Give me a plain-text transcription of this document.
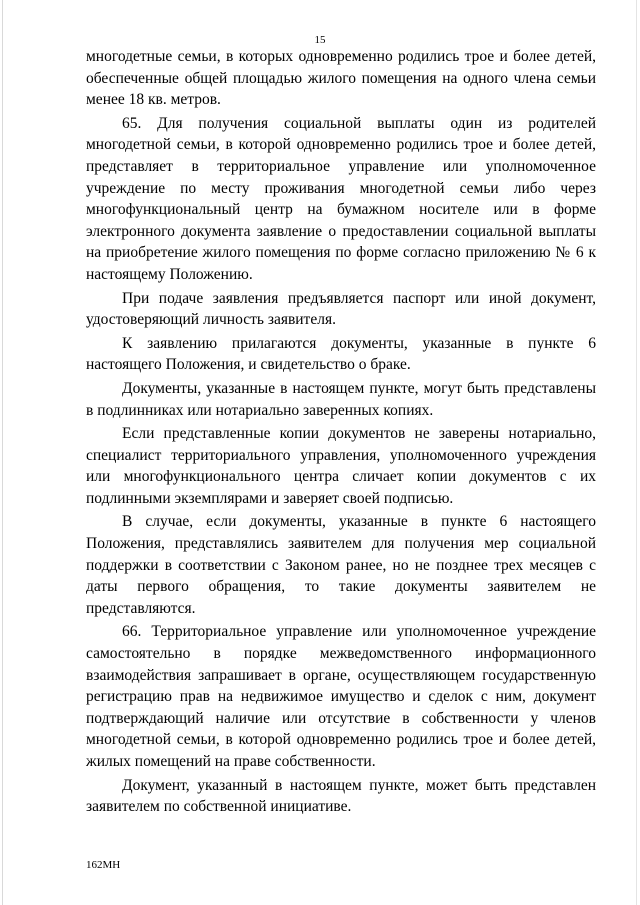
15

многодетные семьи, в которых одновременно родились трое и более детей, обеспеченные общей площадью жилого помещения на одного члена семьи менее 18 кв. метров.

65. Для получения социальной выплаты один из родителей многодетной семьи, в которой одновременно родились трое и более детей, представляет в территориальное управление или уполномоченное учреждение по месту проживания многодетной семьи либо через многофункциональный центр на бумажном носителе или в форме электронного документа заявление о предоставлении социальной выплаты на приобретение жилого помещения по форме согласно приложению № 6 к настоящему Положению.

При подаче заявления предъявляется паспорт или иной документ, удостоверяющий личность заявителя.

К заявлению прилагаются документы, указанные в пункте 6 настоящего Положения, и свидетельство о браке.

Документы, указанные в настоящем пункте, могут быть представлены в подлинниках или нотариально заверенных копиях.

Если представленные копии документов не заверены нотариально, специалист территориального управления, уполномоченного учреждения или многофункционального центра сличает копии документов с их подлинными экземплярами и заверяет своей подписью.

В случае, если документы, указанные в пункте 6 настоящего Положения, представлялись заявителем для получения мер социальной поддержки в соответствии с Законом ранее, но не позднее трех месяцев с даты первого обращения, то такие документы заявителем не представляются.

66. Территориальное управление или уполномоченное учреждение самостоятельно в порядке межведомственного информационного взаимодействия запрашивает в органе, осуществляющем государственную регистрацию прав на недвижимое имущество и сделок с ним, документ подтверждающий наличие или отсутствие в собственности у членов многодетной семьи, в которой одновременно родились трое и более детей, жилых помещений на праве собственности.

Документ, указанный в настоящем пункте, может быть представлен заявителем по собственной инициативе.

162МН
